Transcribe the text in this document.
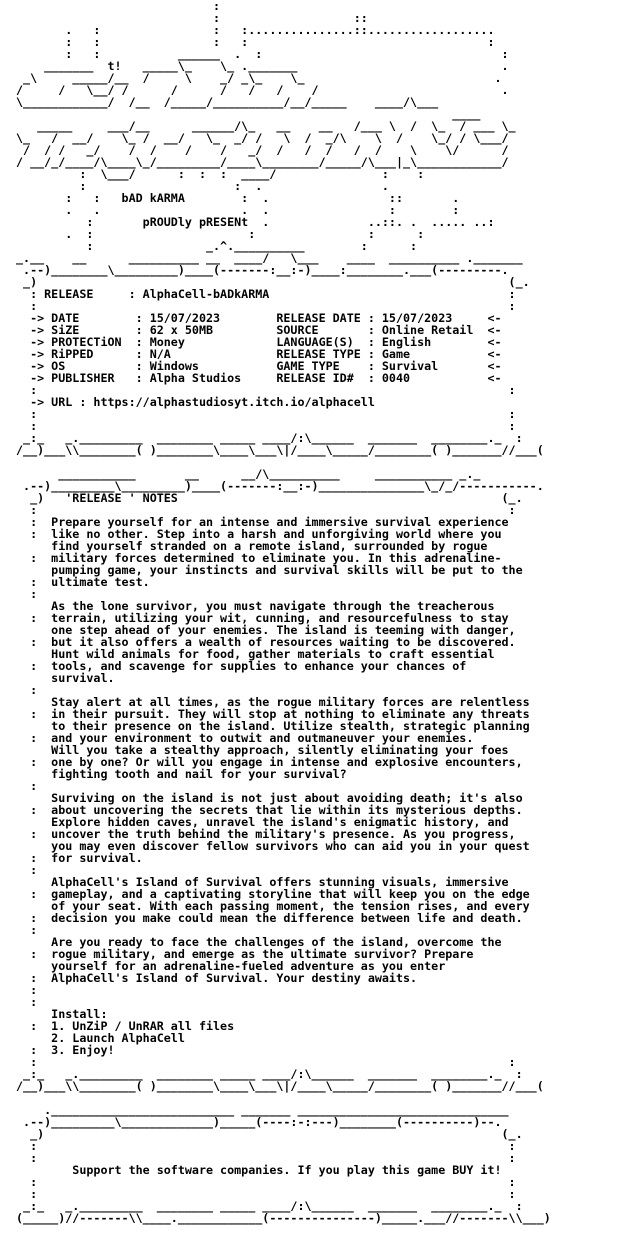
:
:                   ::
.   :                :   :...............::..................
:   :                :   :                                  :
:   :           ______  .  :                                  :
_______  t!   _____\_    \_ ._______                             .
_\     _____/__  /     \    _/ _\_    \_                           .
/     /   \__/ /      /      /   /   /    /                          .
\____________/  /__  /_____/__________/__/_____    ____/\___
____
_____     ___/__      ______/\_   __    __   /___ \  /  \_  / ___ \_
\_   /  __/    \_ /  __/   \_  _/ /   \  /  _/\    \  /    \_/ / \___/
/  / /   _/    /  /    /    /   _/  /   /  /   /  /    \    \/      /
/ __/_/____/\____\_/_________/____\________/_____/\___|_\____________/
:  \___/      :  :  :  ____/               :    :
:                     :  .                 .
:   :   bAD kARMA        :  .                 ::       .
.   .                    .  .                 :        :
:       pROUDly pRESENt  .              ..::. .  ..... ..:
.  :                      :                :      :
:                _.^.__________        :      :
_.__    __      __________ __  ____/   \___    ____  __________ ._______
.--)________\_________)____(-------:__:-)____:________.___(---------.
_)                                                                   (_.
: RELEASE     : AlphaCell-bADkARMA                                  :
:                                                                   :
-> DATE        : 15/07/2023        RELEASE DATE : 15/07/2023     <-
-> SiZE        : 62 x 50MB         SOURCE       : Online Retail  <-
-> PROTECTiON  : Money             LANGUAGE(S)  : English        <-
-> RiPPED      : N/A               RELEASE TYPE : Game           <-
-> OS          : Windows           GAME TYPE    : Survival       <-
-> PUBLISHER   : Alpha Studios     RELEASE ID#  : 0040           <-
:                                                                   :
-> URL : https://alphastudiosyt.itch.io/alphacell
:                                                                   :
:                                                                   :
_:_   _._________  ________ _____ ____/:\______  _______  ________._  :
/__)___\\________( )________\____\___\|/____\_____/________( )_______//___(

___________       __      __/\__________     ___________ _._
.--)_________\_________)____(-------:__:-)_______________\_/_/-----------.
_)   'RELEASE ' NOTES                                              (_.
:                                                                   :
:  Prepare yourself for an intense and immersive survival experience
:  like no other. Step into a harsh and unforgiving world where you
find yourself stranded on a remote island, surrounded by rogue
:  military forces determined to eliminate you. In this adrenaline-
pumping game, your instincts and survival skills will be put to the
:  ultimate test.
:
As the lone survivor, you must navigate through the treacherous
:  terrain, utilizing your wit, cunning, and resourcefulness to stay
one step ahead of your enemies. The island is teeming with danger,
:  but it also offers a wealth of resources waiting to be discovered.
Hunt wild animals for food, gather materials to craft essential
:  tools, and scavenge for supplies to enhance your chances of
survival.
:
Stay alert at all times, as the rogue military forces are relentless
:  in their pursuit. They will stop at nothing to eliminate any threats
to their presence on the island. Utilize stealth, strategic planning
:  and your environment to outwit and outmaneuver your enemies.
Will you take a stealthy approach, silently eliminating your foes
:  one by one? Or will you engage in intense and explosive encounters,
fighting tooth and nail for your survival?
:
Surviving on the island is not just about avoiding death; it's also
:  about uncovering the secrets that lie within its mysterious depths.
Explore hidden caves, unravel the island's enigmatic history, and
:  uncover the truth behind the military's presence. As you progress,
you may even discover fellow survivors who can aid you in your quest
:  for survival.
:
AlphaCell's Island of Survival offers stunning visuals, immersive
:  gameplay, and a captivating storyline that will keep you on the edge
of your seat. With each passing moment, the tension rises, and every
:  decision you make could mean the difference between life and death.
:
Are you ready to face the challenges of the island, overcome the
:  rogue military, and emerge as the ultimate survivor? Prepare
yourself for an adrenaline-fueled adventure as you enter
:  AlphaCell's Island of Survival. Your destiny awaits.
:
:
Install:
:  1. UnZiP / UnRAR all files
2. Launch AlphaCell
:  3. Enjoy!
:                                                                   :
_:_   _._________  ________ _____ ____/:\______  _______  ________._  :
/__)___\\________( )________\____\___\|/____\_____/________( )_______//___(

.__________________________ _______ ______________________________
.--)_________\_____________)_____(----:-:---)________(----------)--.
_)                                                                 (_.
:                                                                   :
:                                                                   :
Support the software companies. If you play this game BUY it!
:                                                                   :
:                                                                   :
_:_   _._________  ________ _____ ____/:\______  _______  ________._  :
(_____)//-------\\____.____________(---------------)_____.___//-------\\___)
